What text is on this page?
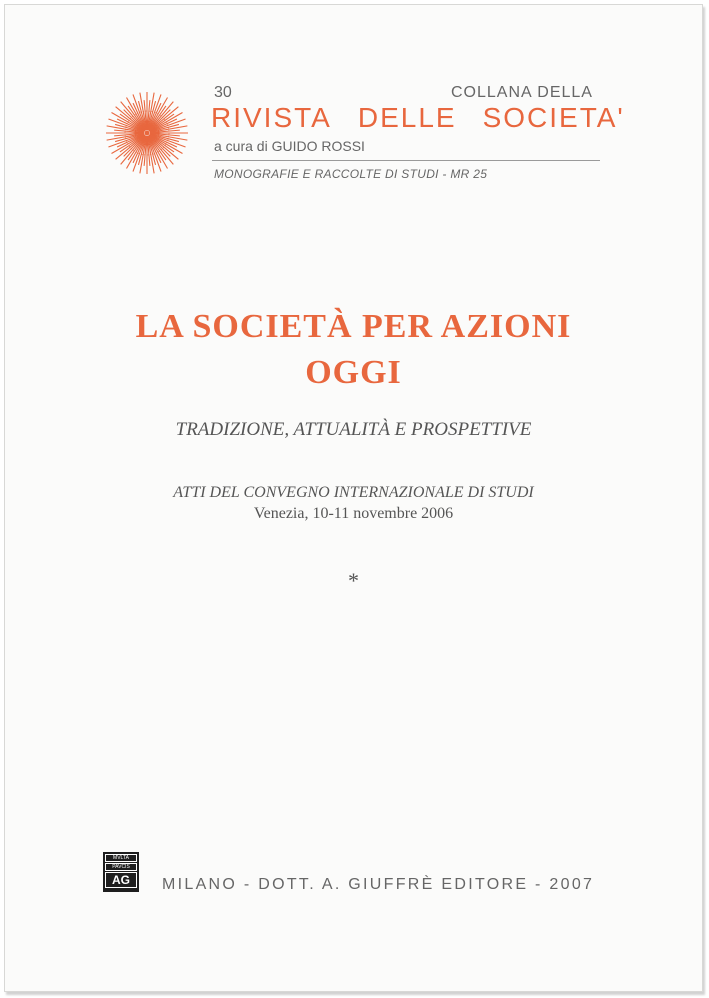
30	COLLANA DELLA
RIVISTA DELLE SOCIETA'
a cura di GUIDO ROSSI
MONOGRAFIE E RACCOLTE DI STUDI - MR 25
LA SOCIETÀ PER AZIONI
OGGI
TRADIZIONE, ATTUALITÀ E PROSPETTIVE
ATTI DEL CONVEGNO INTERNAZIONALE DI STUDI
Venezia, 10-11 novembre 2006
*
MVLTA
PAVCIS
AG	MILANO - DOTT. A. GIUFFRÈ EDITORE - 2007
